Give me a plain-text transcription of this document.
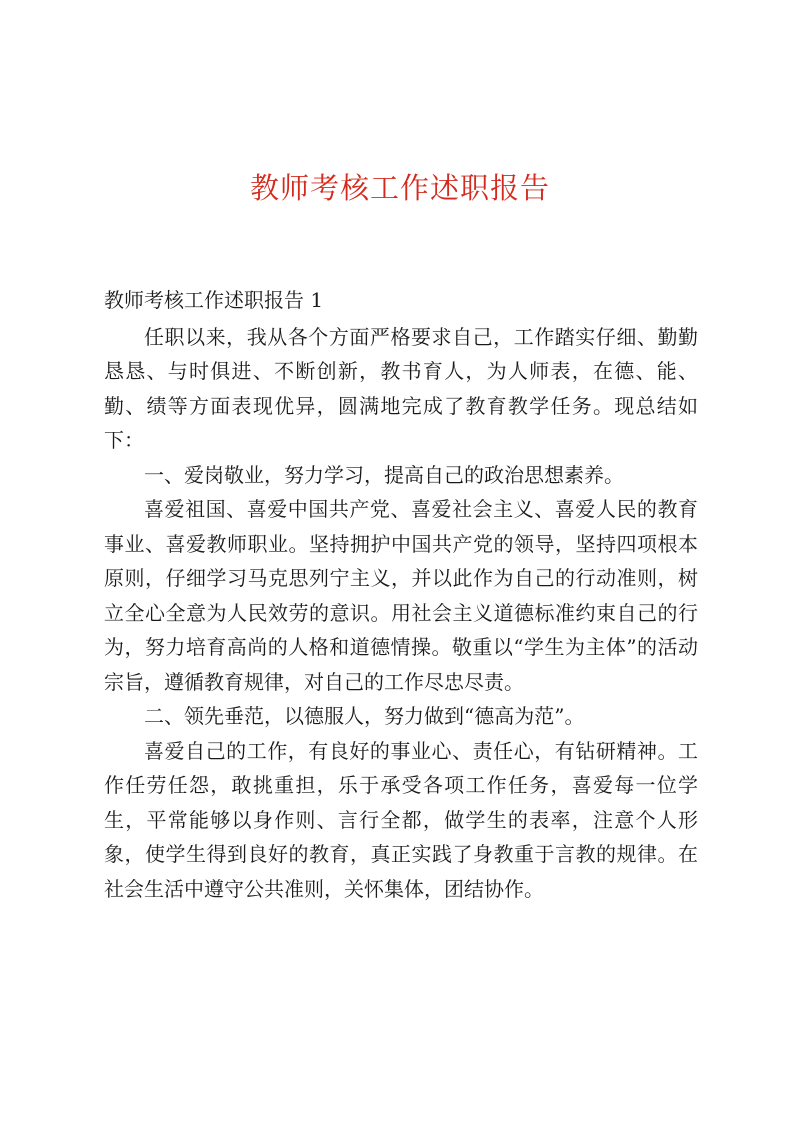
教师考核工作述职报告

教师考核工作述职报告 1

任职以来，我从各个方面严格要求自己，工作踏实仔细、勤勤恳恳、与时俱进、不断创新，教书育人，为人师表，在德、能、勤、绩等方面表现优异，圆满地完成了教育教学任务。现总结如下：

一、爱岗敬业，努力学习，提高自己的政治思想素养。

喜爱祖国、喜爱中国共产党、喜爱社会主义、喜爱人民的教育事业、喜爱教师职业。坚持拥护中国共产党的领导，坚持四项根本原则，仔细学习马克思列宁主义，并以此作为自己的行动准则，树立全心全意为人民效劳的意识。用社会主义道德标准约束自己的行为，努力培育高尚的人格和道德情操。敬重以“学生为主体”的活动宗旨，遵循教育规律，对自己的工作尽忠尽责。

二、领先垂范，以德服人，努力做到“德高为范”。

喜爱自己的工作，有良好的事业心、责任心，有钻研精神。工作任劳任怨，敢挑重担，乐于承受各项工作任务，喜爱每一位学生，平常能够以身作则、言行全都，做学生的表率，注意个人形象，使学生得到良好的教育，真正实践了身教重于言教的规律。在社会生活中遵守公共准则，关怀集体，团结协作。
